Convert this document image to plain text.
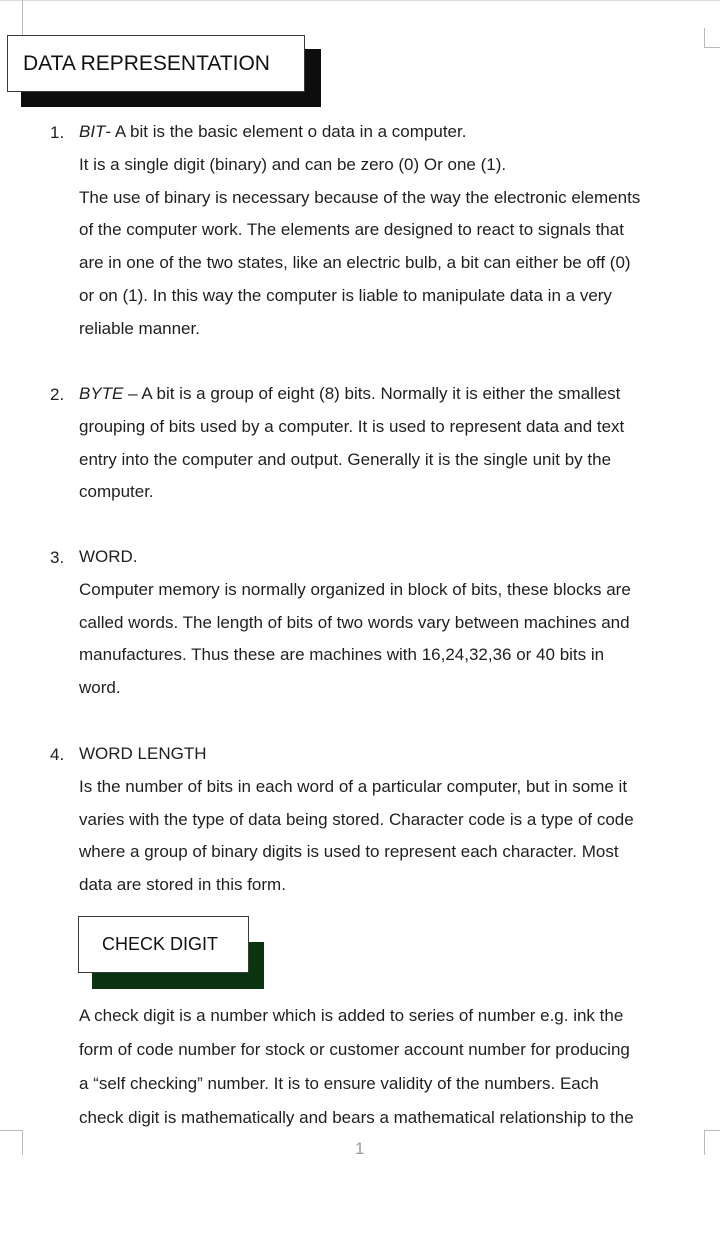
DATA REPRESENTATION
1. BIT- A bit is the basic element o data in a computer.

It is a single digit (binary) and can be zero (0) Or one (1).

The use of binary is necessary because of the way the electronic elements

of the computer work. The elements are designed to react to signals that

are in one of the two states, like an electric bulb, a bit can either be off (0)

or on (1). In this way the computer is liable to manipulate data in a very

reliable manner.

2. BYTE – A bit is a group of eight (8) bits. Normally it is either the smallest

grouping of bits used by a computer. It is used to represent data and text

entry into the computer and output. Generally it is the single unit by the

computer.

3. WORD.

Computer memory is normally organized in block of bits, these blocks are

called words. The length of bits of two words vary between machines and

manufactures. Thus these are machines with 16,24,32,36 or 40 bits in

word.

4. WORD LENGTH

Is the number of bits in each word of a particular computer, but in some it

varies with the type of data being stored. Character code is a type of code

where a group of binary digits is used to represent each character. Most

data are stored in this form.

CHECK DIGIT

A check digit is a number which is added to series of number e.g. ink the

form of code number for stock or customer account number for producing

a “self checking” number. It is to ensure validity of the numbers. Each

check digit is mathematically and bears a mathematical relationship to the

1
